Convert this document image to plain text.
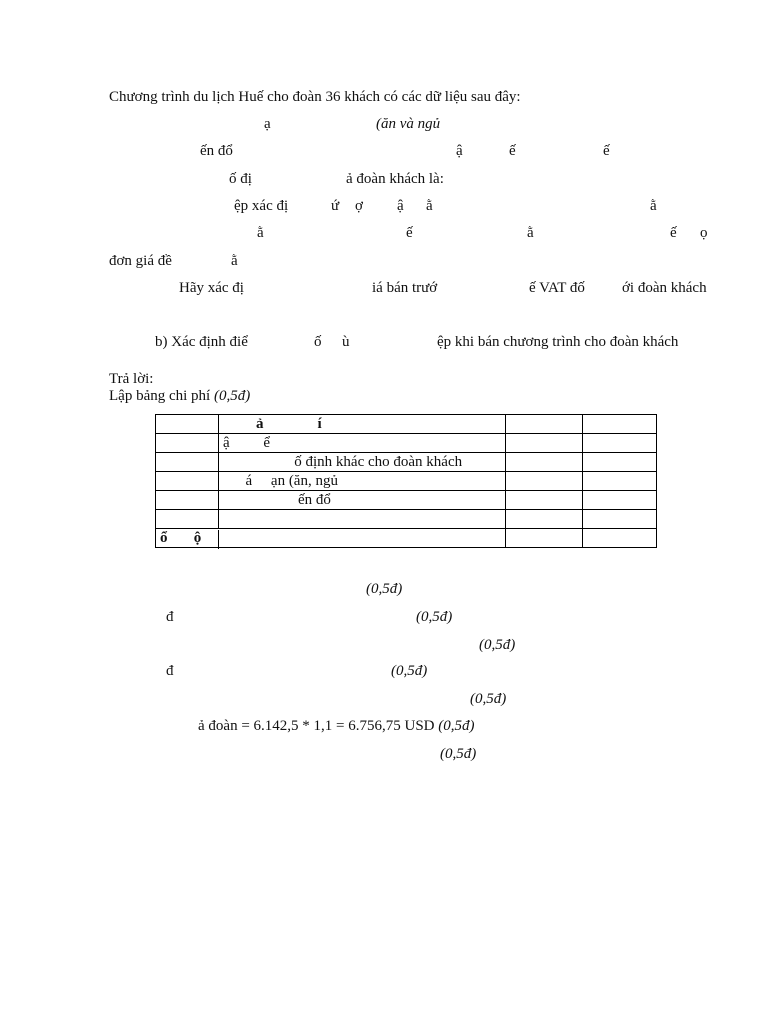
Chương trình du lịch Huế cho đoàn 36 khách có các dữ liệu sau đây:
ạ	(ăn và ngủ
ến đổ	ậ	ế	ế
ố đị	ả đoàn khách là:
ệp xác đị	ứ ợ ậ ằ	ằ
ằ	ế	ằ	ế ọ
đơn giá đề	ằ
Hãy xác đị	iá bán trướ	ế VAT đố ới đoàn khách
b) Xác định điể	ố ù	ệp khi bán chương trình cho đoàn khách
Trả lời:
Lập bảng chi phí (0,5đ)
	ả í		
	ậ         ể		
	ố định khác cho đoàn khách		
	á     ạn (ăn, ngủ		
	ến đổ		

ổ       ộ			
(0,5đ)
đ	(0,5đ)
(0,5đ)
đ	(0,5đ)
(0,5đ)
ả đoàn = 6.142,5 * 1,1 = 6.756,75 USD (0,5đ)
(0,5đ)
